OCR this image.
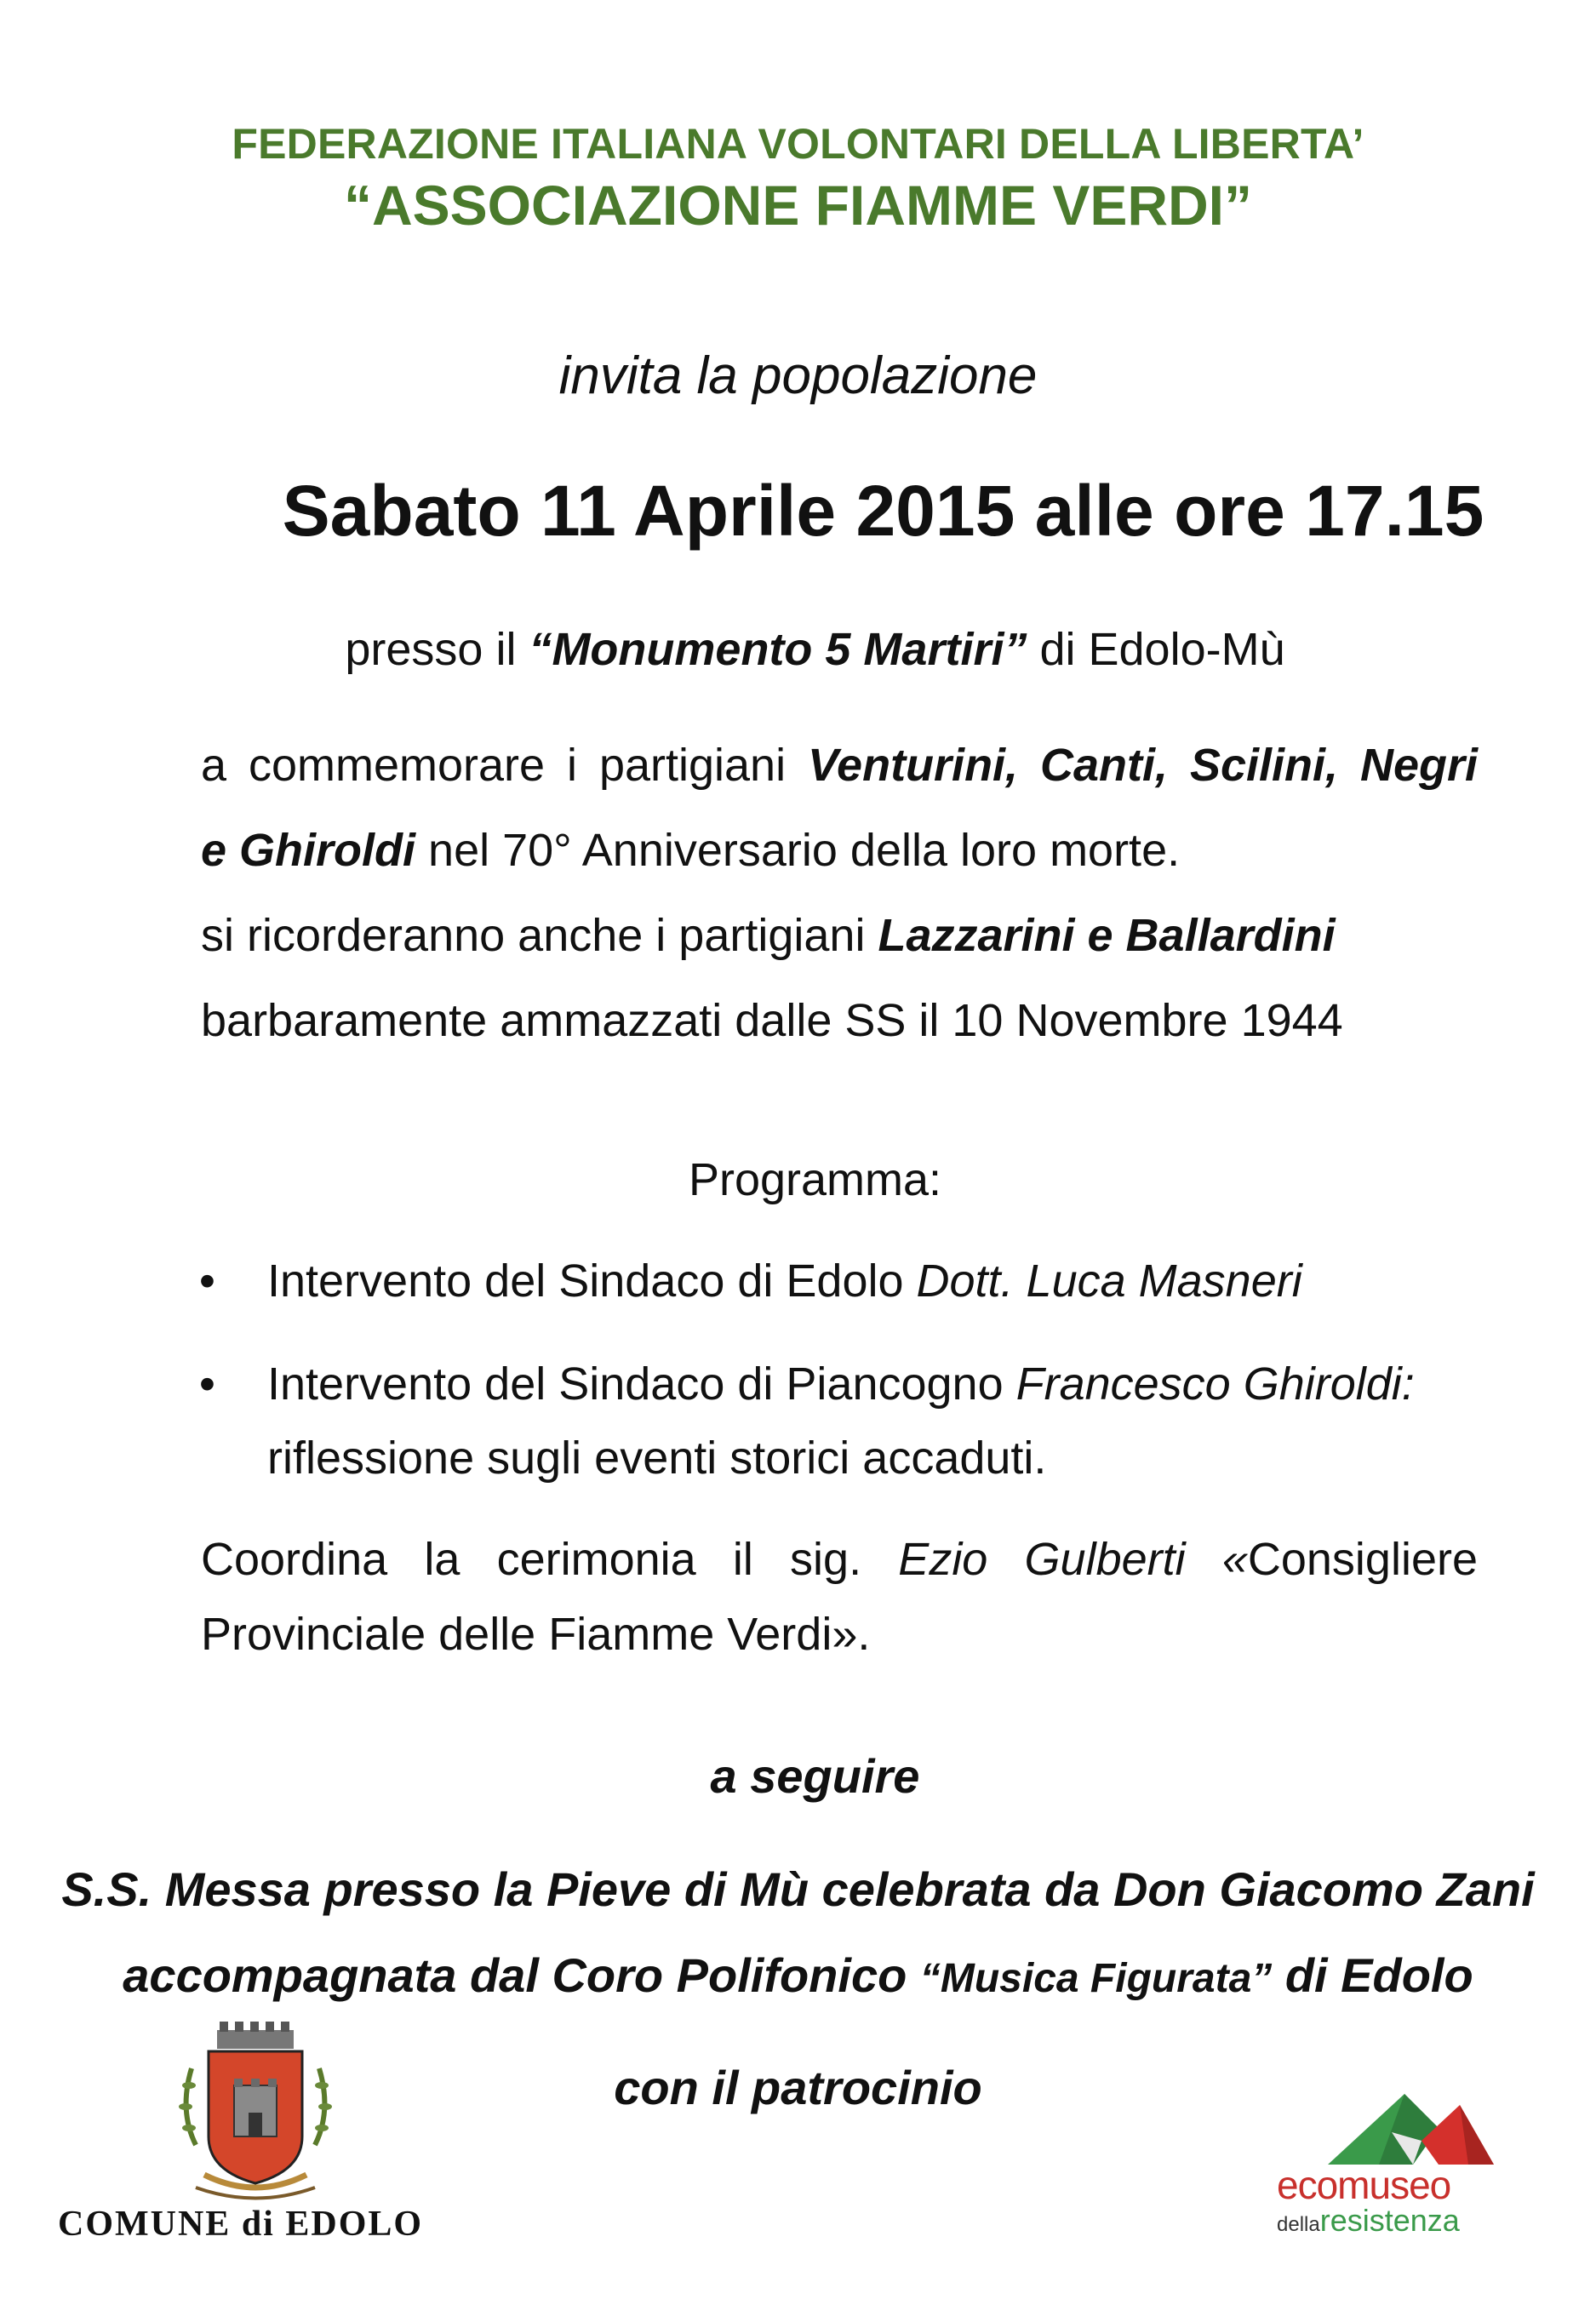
FEDERAZIONE ITALIANA VOLONTARI DELLA LIBERTA’
“ASSOCIAZIONE FIAMME VERDI”
invita la popolazione
Sabato 11 Aprile 2015 alle ore 17.15
presso il “Monumento 5 Martiri” di Edolo-Mù
a commemorare i partigiani Venturini, Canti, Scilini, Negri
e Ghiroldi nel 70° Anniversario della loro morte.
si ricorderanno anche i partigiani Lazzarini e Ballardini
barbaramente ammazzati dalle SS il 10 Novembre 1944
Programma:
• Intervento del Sindaco di Edolo Dott. Luca Masneri
• Intervento del Sindaco di Piancogno Francesco Ghiroldi:
riflessione sugli eventi storici accaduti.
Coordina la cerimonia il sig. Ezio Gulberti «Consigliere
Provinciale delle Fiamme Verdi».
a seguire
S.S. Messa presso la Pieve di Mù celebrata da Don Giacomo Zani
accompagnata dal Coro Polifonico “Musica Figurata” di Edolo
con il patrocinio
COMUNE di EDOLO
ecomuseo
dellaresistenza
